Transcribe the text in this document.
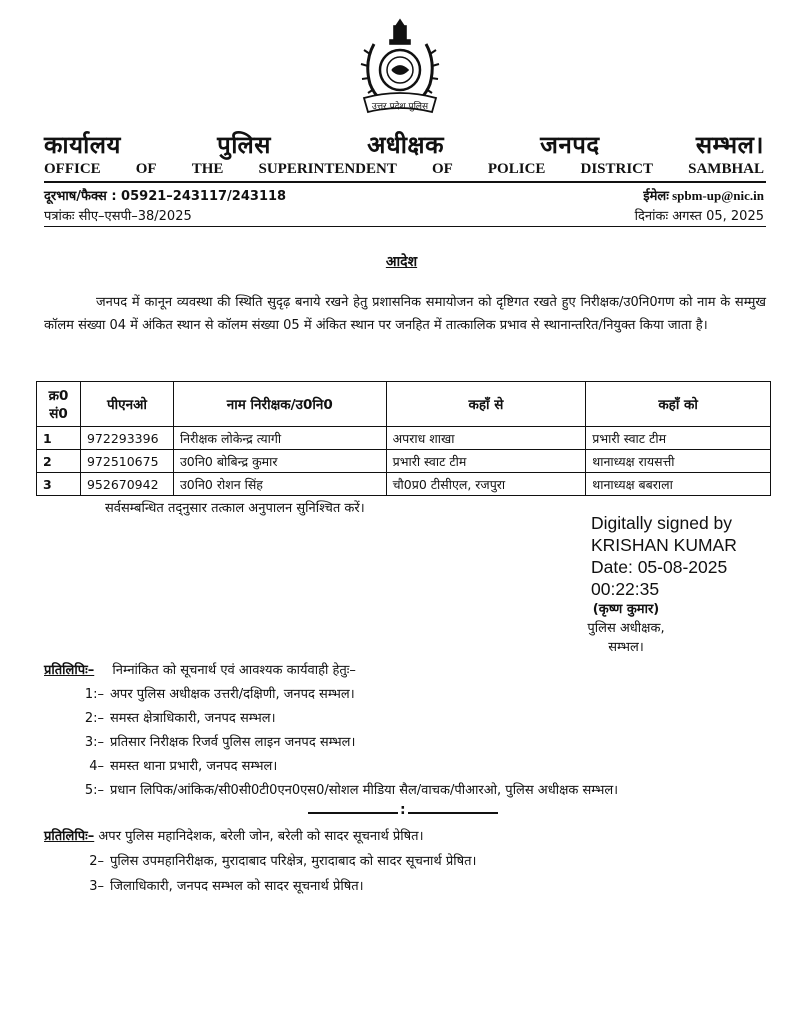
उत्तर प्रदेश पुलिस
कार्यालय	पुलिस	अधीक्षक	जनपद	सम्भल।
OFFICE OF THE SUPERINTENDENT OF POLICE DISTRICT SAMBHAL
दूरभाष/फैक्स : 05921–243117/243118	ईमेलः spbm-up@nic.in
पत्रांकः सीए–एसपी–38/2025	दिनांकः अगस्त 05, 2025
आदेश
जनपद में कानून व्यवस्था की स्थिति सुदृढ़ बनाये रखने हेतु प्रशासनिक समायोजन को दृष्टिगत रखते हुए निरीक्षक/उ0नि0गण को नाम के सम्मुख कॉलम संख्या 04 में अंकित स्थान से कॉलम संख्या 05 में अंकित स्थान पर जनहित में तात्कालिक प्रभाव से स्थानान्तरित/नियुक्त किया जाता है।
क्र0 सं0	पीएनओ	नाम निरीक्षक/उ0नि0	कहाँ से	कहाँ को
1	972293396	निरीक्षक लोकेन्द्र त्यागी	अपराध शाखा	प्रभारी स्वाट टीम
2	972510675	उ0नि0 बोबिन्द्र कुमार	प्रभारी स्वाट टीम	थानाध्यक्ष रायसत्ती
3	952670942	उ0नि0 रोशन सिंह	चौ0प्र0 टीसीएल, रजपुरा	थानाध्यक्ष बबराला
सर्वसम्बन्धित तद्नुसार तत्काल अनुपालन सुनिश्चित करें।
Digitally signed by
KRISHAN KUMAR
Date: 05-08-2025
00:22:35
(कृष्ण कुमार)
पुलिस अधीक्षक,
सम्भल।
प्रतिलिपिः– निम्नांकित को सूचनार्थ एवं आवश्यक कार्यवाही हेतुः–
1:– अपर पुलिस अधीक्षक उत्तरी/दक्षिणी, जनपद सम्भल।
2:– समस्त क्षेत्राधिकारी, जनपद सम्भल।
3:– प्रतिसार निरीक्षक रिजर्व पुलिस लाइन जनपद सम्भल।
4– समस्त थाना प्रभारी, जनपद सम्भल।
5:– प्रधान लिपिक/आंकिक/सी0सी0टी0एन0एस0/सोशल मीडिया सैल/वाचक/पीआरओ, पुलिस अधीक्षक सम्भल।
:
प्रतिलिपिः– अपर पुलिस महानिदेशक, बरेली जोन, बरेली को सादर सूचनार्थ प्रेषित।
2– पुलिस उपमहानिरीक्षक, मुरादाबाद परिक्षेत्र, मुरादाबाद को सादर सूचनार्थ प्रेषित।
3– जिलाधिकारी, जनपद सम्भल को सादर सूचनार्थ प्रेषित।
